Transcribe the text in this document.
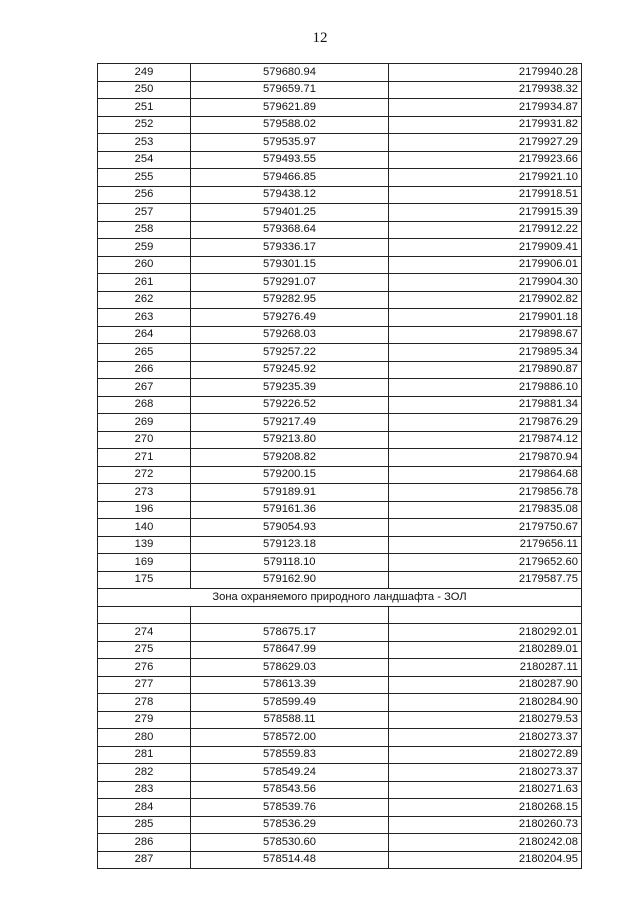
12
249	579680.94	2179940.28
250	579659.71	2179938.32
251	579621.89	2179934.87
252	579588.02	2179931.82
253	579535.97	2179927.29
254	579493.55	2179923.66
255	579466.85	2179921.10
256	579438.12	2179918.51
257	579401.25	2179915.39
258	579368.64	2179912.22
259	579336.17	2179909.41
260	579301.15	2179906.01
261	579291.07	2179904.30
262	579282.95	2179902.82
263	579276.49	2179901.18
264	579268.03	2179898.67
265	579257.22	2179895.34
266	579245.92	2179890.87
267	579235.39	2179886.10
268	579226.52	2179881.34
269	579217.49	2179876.29
270	579213.80	2179874.12
271	579208.82	2179870.94
272	579200.15	2179864.68
273	579189.91	2179856.78
196	579161.36	2179835.08
140	579054.93	2179750.67
139	579123.18	2179656.11
169	579118.10	2179652.60
175	579162.90	2179587.75
Зона охраняемого природного ландшафта - ЗОЛ		

274	578675.17	2180292.01
275	578647.99	2180289.01
276	578629.03	2180287.11
277	578613.39	2180287.90
278	578599.49	2180284.90
279	578588.11	2180279.53
280	578572.00	2180273.37
281	578559.83	2180272.89
282	578549.24	2180273.37
283	578543.56	2180271.63
284	578539.76	2180268.15
285	578536.29	2180260.73
286	578530.60	2180242.08
287	578514.48	2180204.95
